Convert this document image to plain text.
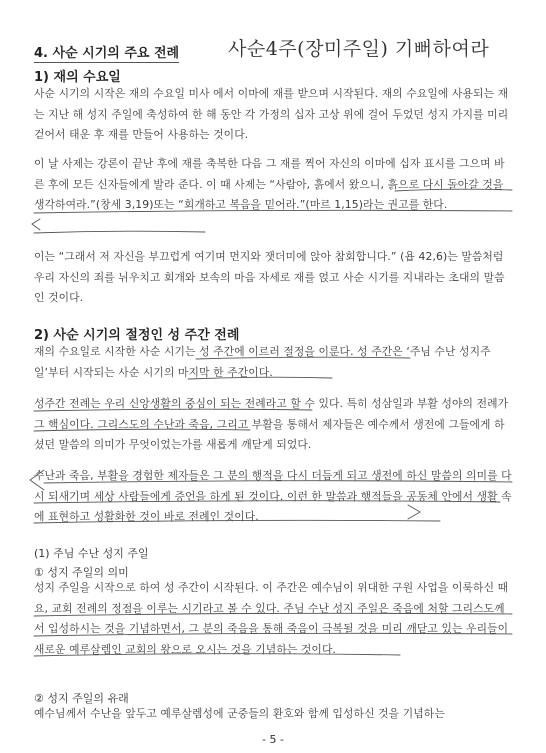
4. 사순 시기의 주요 전례	사순4주(장미주일) 기뻐하여라
1) 재의 수요일

사순 시기의 시작은 재의 수요일 미사 에서 이마에 재를 받으며 시작된다. 재의 수요일에 사용되는 재는 지난 해 성지 주일에 축성하여 한 해 동안 각 가정의 십자 고상 위에 걸어 두었던 성지 가지를 미리 걷어서 태운 후 재를 만들어 사용하는 것이다.

이 날 사제는 강론이 끝난 후에 재를 축복한 다음 그 재를 찍어 자신의 이마에 십자 표시를 그으며 바른 후에 모든 신자들에게 발라 준다. 이 때 사제는 “사람아, 흙에서 왔으니, 흙으로 다시 돌아갈 것을 생각하여라.”(창세 3,19)또는 “회개하고 복음을 믿어라.”(마르 1,15)라는 권고를 한다.

이는 “그래서 저 자신을 부끄럽게 여기며 먼지와 잿더미에 앉아 참회합니다.” (욥 42,6)는 말씀처럼 우리 자신의 죄를 뉘우치고 회개와 보속의 마음 자세로 재를 얹고 사순 시기를 지내라는 초대의 말씀인 것이다.

2) 사순 시기의 절정인 성 주간 전례

재의 수요일로 시작한 사순 시기는 성 주간에 이르러 절정을 이룬다. 성 주간은 ‘주님 수난 성지주일’부터 시작되는 사순 시기의 마지막 한 주간이다.

성주간 전례는 우리 신앙생활의 중심이 되는 전례라고 할 수 있다. 특히 성삼일과 부활 성야의 전례가 그 핵심이다. 그리스도의 수난과 죽음, 그리고 부활을 통해서 제자들은 예수께서 생전에 그들에게 하셨던 말씀의 의미가 무엇이었는가를 새롭게 깨닫게 되었다.

수난과 죽음, 부활을 경험한 제자들은 그 분의 행적을 다시 더듬게 되고 생전에 하신 말씀의 의미를 다시 되새기며 세상 사람들에게 증언을 하게 된 것이다. 이런 한 말씀과 행적들을 공동체 안에서 생활 속에 표현하고 성활화한 것이 바로 전례인 것이다.

(1) 주님 수난 성지 주일
① 성지 주일의 의미

성지 주일을 시작으로 하여 성 주간이 시작된다. 이 주간은 예수님이 위대한 구원 사업을 이룩하신 때요, 교회 전례의 정점을 이루는 시기라고 볼 수 있다. 주님 수난 성지 주일은 죽음에 처할 그리스도께서 입성하시는 것을 기념하면서, 그 분의 죽음을 통해 죽음이 극복될 것을 미리 깨닫고 있는 우리들이 새로운 예루살렘인 교회의 왕으로 오시는 것을 기념하는 것이다.

② 성지 주일의 유래

예수님께서 수난을 앞두고 예루살렘성에 군중들의 환호와 함께 입성하신 것을 기념하는

- 5 -
